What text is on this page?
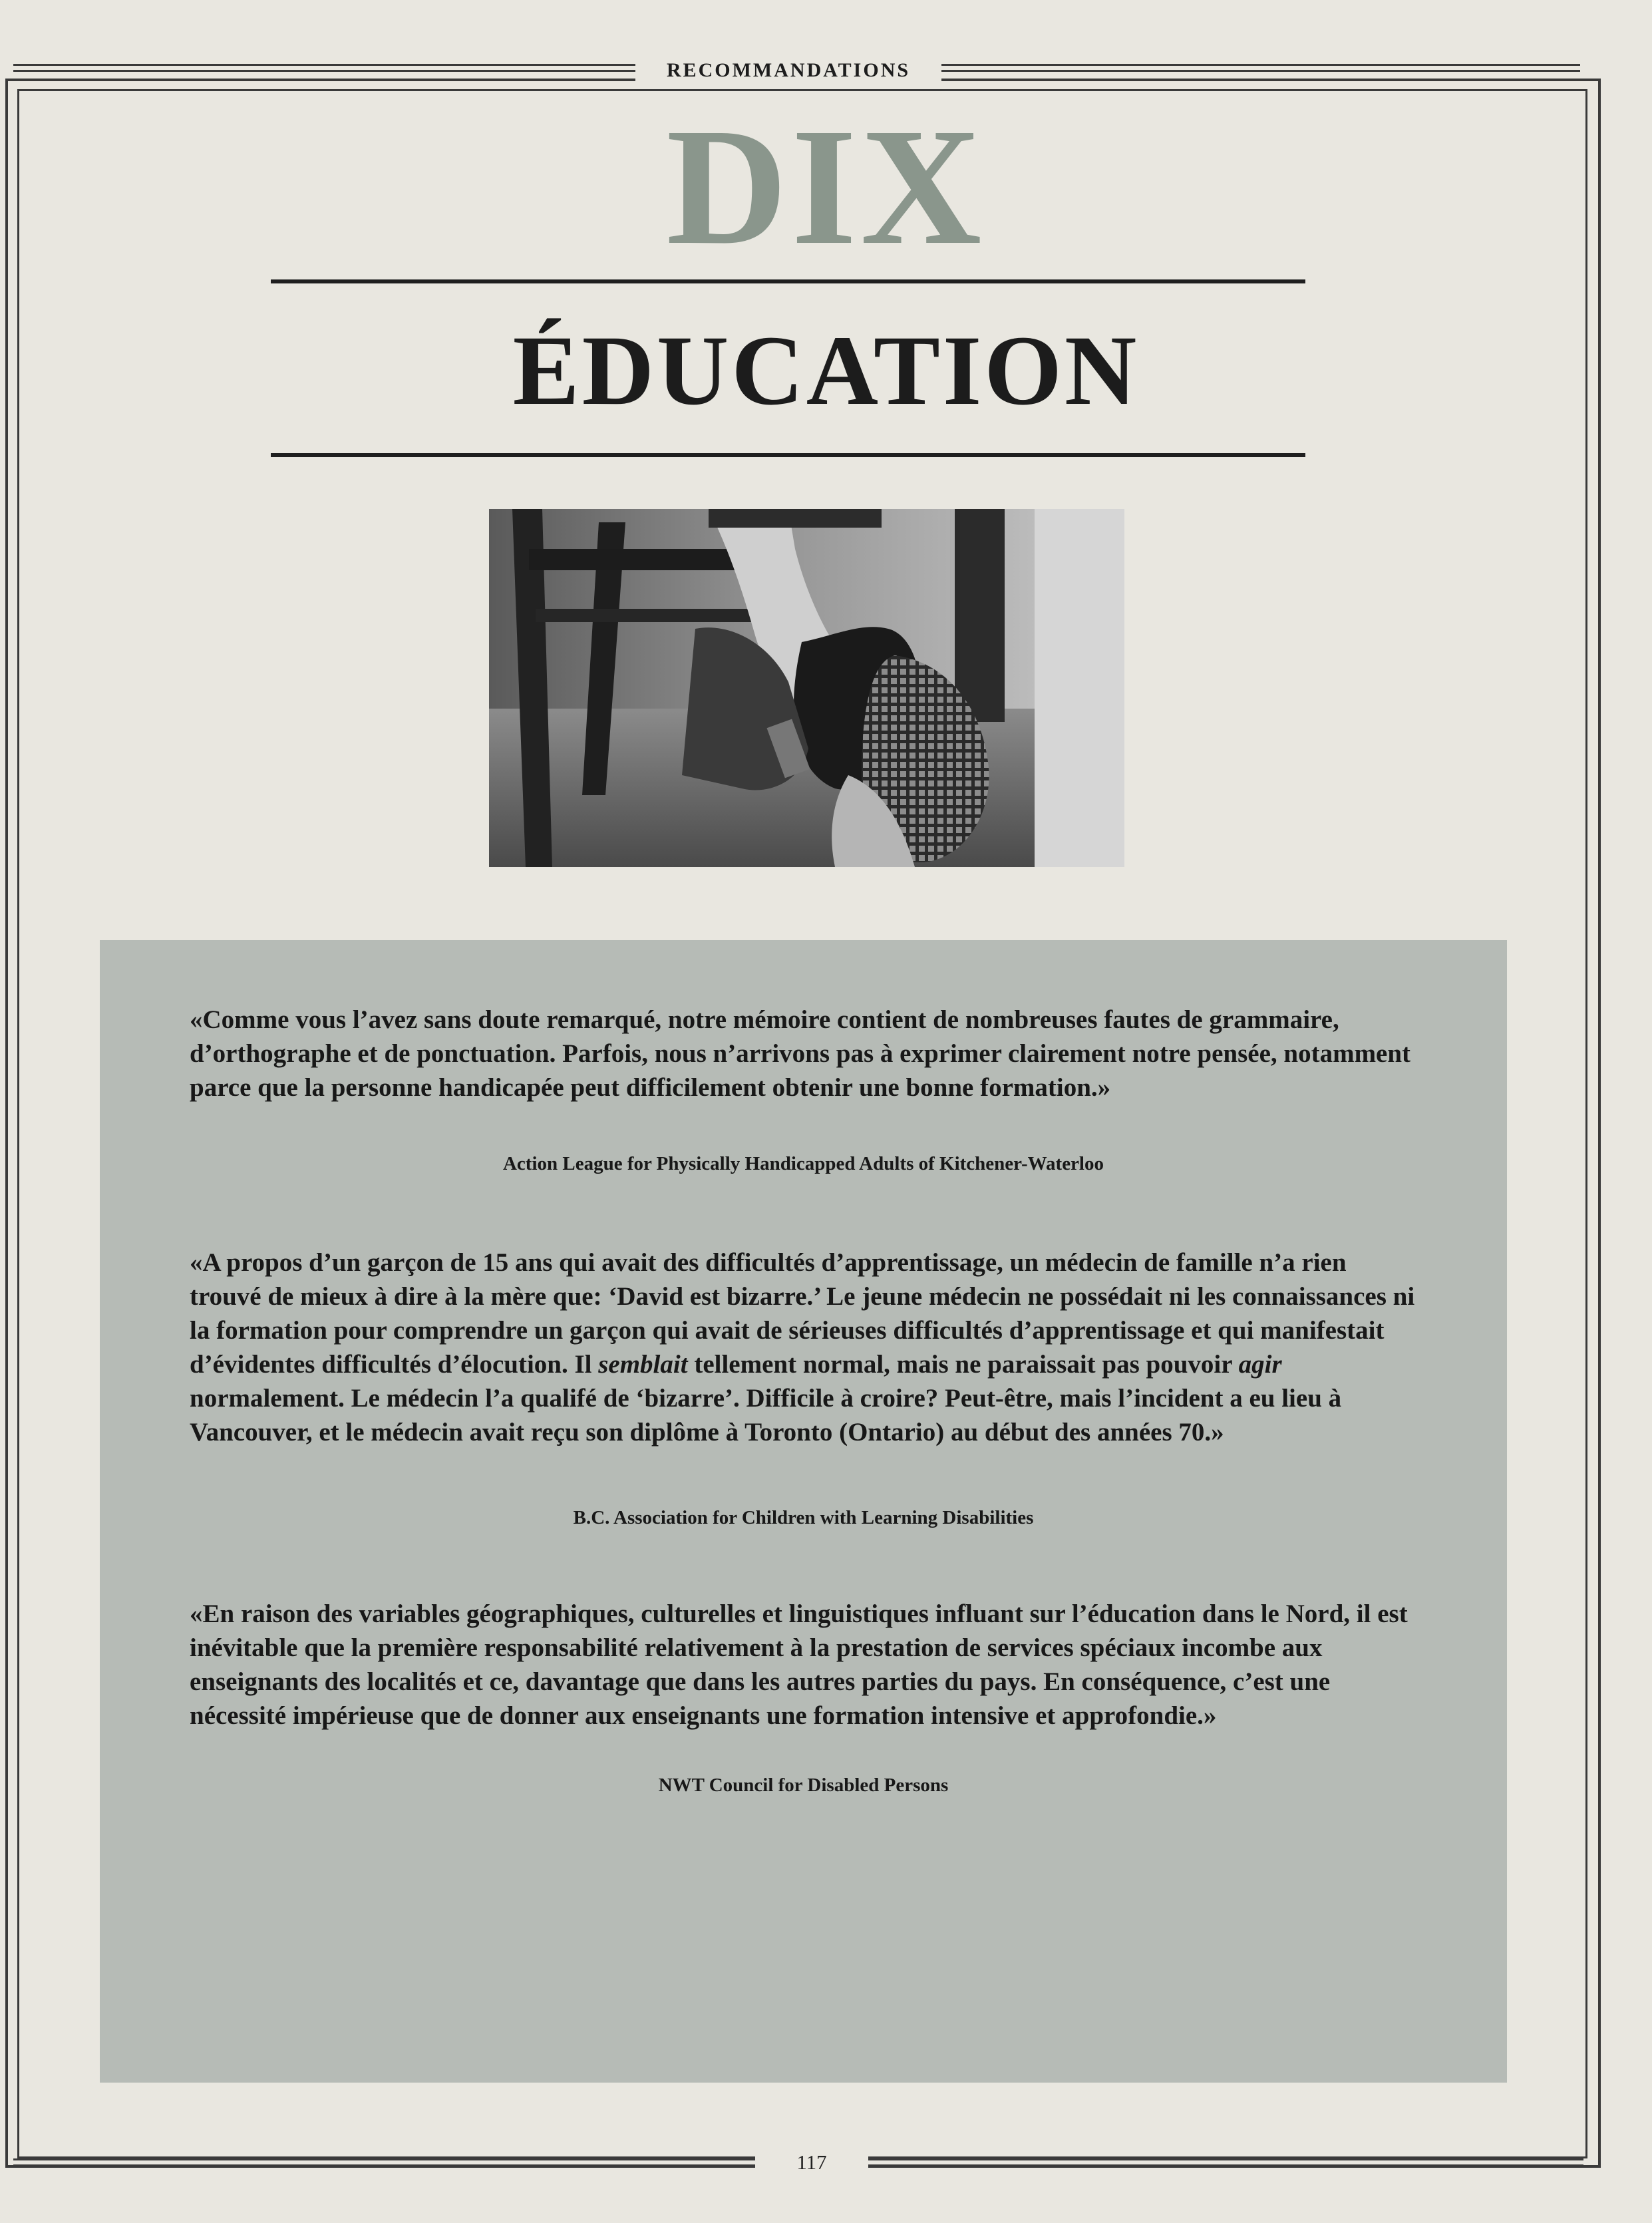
RECOMMANDATIONS
DIX
ÉDUCATION
«Comme vous l’avez sans doute remarqué, notre mémoire contient de nombreuses fautes de grammaire, d’orthographe et de ponctuation. Parfois, nous n’arrivons pas à exprimer clairement notre pensée, notamment parce que la personne handicapée peut difficilement obtenir une bonne formation.»
Action League for Physically Handicapped Adults of Kitchener-Waterloo
«A propos d’un garçon de 15 ans qui avait des difficultés d’apprentissage, un médecin de famille n’a rien trouvé de mieux à dire à la mère que: ‘David est bizarre.’ Le jeune médecin ne possédait ni les connaissances ni la formation pour comprendre un garçon qui avait de sérieuses difficultés d’apprentissage et qui manifestait d’évidentes difficultés d’élocution. Il semblait tellement normal, mais ne paraissait pas pouvoir agir normalement. Le médecin l’a qualifé de ‘bizarre’. Difficile à croire? Peut-être, mais l’incident a eu lieu à Vancouver, et le médecin avait reçu son diplôme à Toronto (Ontario) au début des années 70.»
B.C. Association for Children with Learning Disabilities
«En raison des variables géographiques, culturelles et linguistiques influant sur l’éducation dans le Nord, il est inévitable que la première responsabilité relativement à la prestation de services spéciaux incombe aux enseignants des localités et ce, davantage que dans les autres parties du pays. En conséquence, c’est une nécessité impérieuse que de donner aux enseignants une formation intensive et approfondie.»
NWT Council for Disabled Persons
117
